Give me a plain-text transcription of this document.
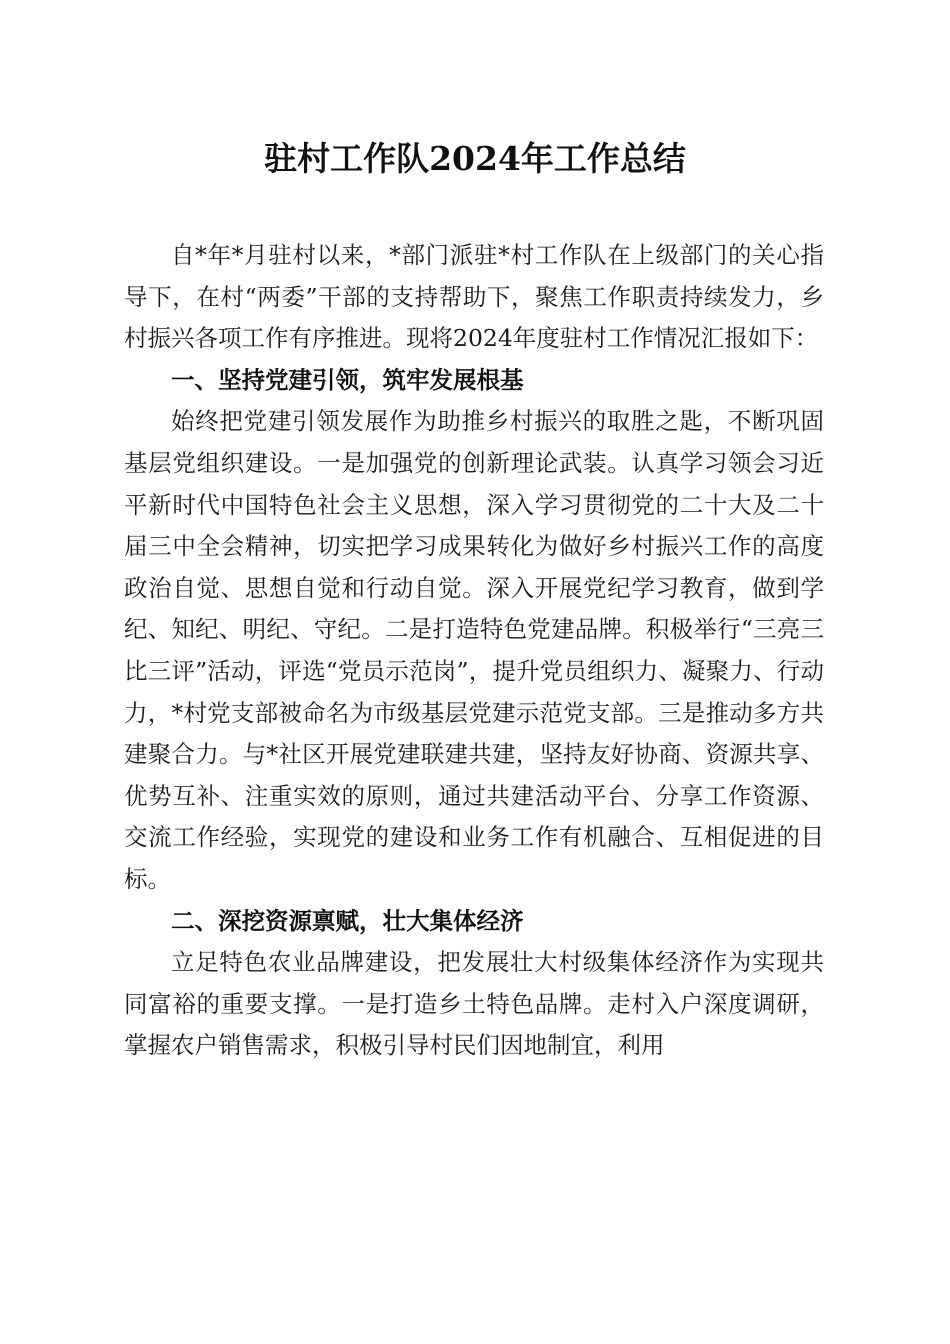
驻村工作队2024年工作总结

自*年*月驻村以来，*部门派驻*村工作队在上级部门的关心指导下，在村“两委”干部的支持帮助下，聚焦工作职责持续发力，乡村振兴各项工作有序推进。现将2024年度驻村工作情况汇报如下：

一、坚持党建引领，筑牢发展根基

始终把党建引领发展作为助推乡村振兴的取胜之匙，不断巩固基层党组织建设。一是加强党的创新理论武装。认真学习领会习近平新时代中国特色社会主义思想，深入学习贯彻党的二十大及二十届三中全会精神，切实把学习成果转化为做好乡村振兴工作的高度政治自觉、思想自觉和行动自觉。深入开展党纪学习教育，做到学纪、知纪、明纪、守纪。二是打造特色党建品牌。积极举行“三亮三比三评”活动，评选“党员示范岗”，提升党员组织力、凝聚力、行动力，*村党支部被命名为市级基层党建示范党支部。三是推动多方共建聚合力。与*社区开展党建联建共建，坚持友好协商、资源共享、优势互补、注重实效的原则，通过共建活动平台、分享工作资源、交流工作经验，实现党的建设和业务工作有机融合、互相促进的目标。

二、深挖资源禀赋，壮大集体经济

立足特色农业品牌建设，把发展壮大村级集体经济作为实现共同富裕的重要支撑。一是打造乡土特色品牌。走村入户深度调研，掌握农户销售需求，积极引导村民们因地制宜，利用
